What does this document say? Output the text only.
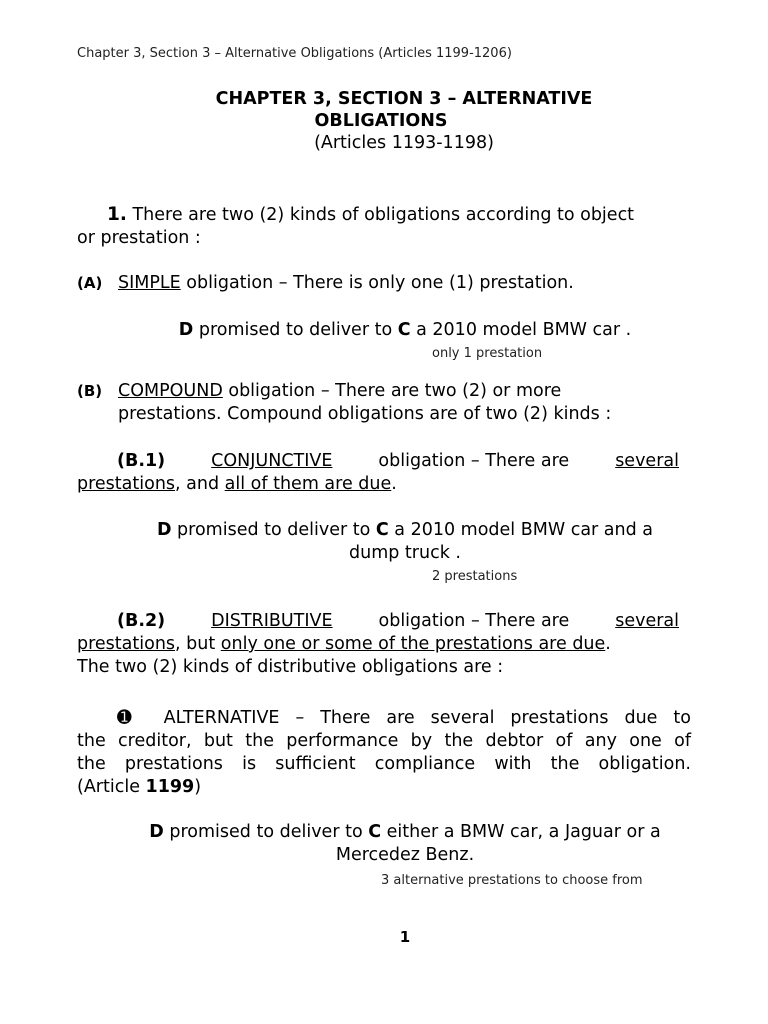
Chapter 3, Section 3 – Alternative Obligations (Articles 1199-1206)
CHAPTER 3, SECTION 3 – ALTERNATIVE
OBLIGATIONS
(Articles 1193-1198)
1. There are two (2) kinds of obligations according to object
or prestation :
(A) SIMPLE obligation – There is only one (1) prestation.
D promised to deliver to C a 2010 model BMW car .
only 1 prestation
(B) COMPOUND obligation – There are two (2) or more
prestations. Compound obligations are of two (2) kinds :
(B.1)	CONJUNCTIVE	obligation – There are	several
prestations, and all of them are due.
D promised to deliver to C a 2010 model BMW car and a
dump truck .
2 prestations
(B.2)	DISTRIBUTIVE	obligation – There are	several
prestations, but only one or some of the prestations are due.
The two (2) kinds of distributive obligations are :
➊ ALTERNATIVE – There are several prestations due to
the creditor, but the performance by the debtor of any one of
the prestations is sufficient compliance with the obligation.
(Article 1199)
D promised to deliver to C either a BMW car, a Jaguar or a
Mercedez Benz.
3 alternative prestations to choose from
1
